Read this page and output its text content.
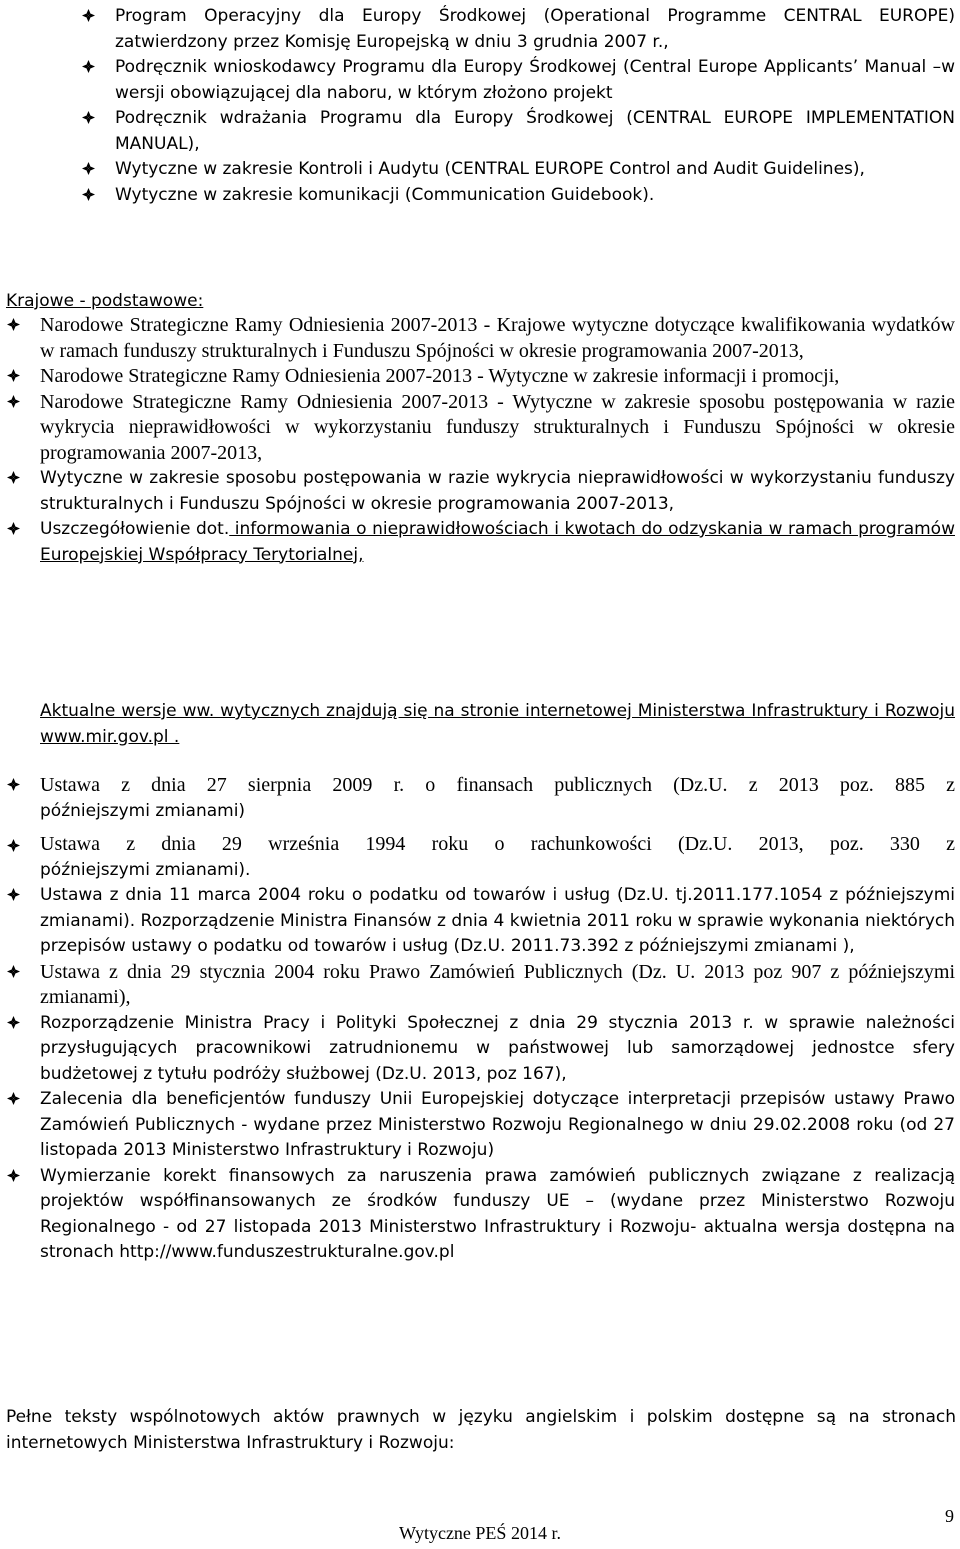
Program Operacyjny dla Europy Środkowej (Operational Programme CENTRAL EUROPE) zatwierdzony przez Komisję Europejską w dniu 3 grudnia 2007 r.,
Podręcznik wnioskodawcy Programu dla Europy Środkowej (Central Europe Applicants’ Manual –w wersji obowiązującej dla naboru, w którym złożono projekt
Podręcznik wdrażania Programu dla Europy Środkowej (CENTRAL EUROPE IMPLEMENTATION MANUAL),
Wytyczne w zakresie Kontroli i Audytu (CENTRAL EUROPE Control and Audit Guidelines),
Wytyczne w zakresie komunikacji (Communication Guidebook).
Krajowe - podstawowe:
Narodowe Strategiczne Ramy Odniesienia 2007-2013 - Krajowe wytyczne dotyczące kwalifikowania wydatków w ramach funduszy strukturalnych i Funduszu Spójności w okresie programowania 2007-2013,
Narodowe Strategiczne Ramy Odniesienia 2007-2013 - Wytyczne w zakresie informacji i promocji,
Narodowe Strategiczne Ramy Odniesienia 2007-2013 - Wytyczne w zakresie sposobu postępowania w razie wykrycia nieprawidłowości w wykorzystaniu funduszy strukturalnych i Funduszu Spójności w okresie programowania 2007-2013,
Wytyczne w zakresie sposobu postępowania w razie wykrycia nieprawidłowości w wykorzystaniu funduszy strukturalnych i Funduszu Spójności w okresie programowania 2007-2013,
Uszczegółowienie dot. informowania o nieprawidłowościach i kwotach do odzyskania w ramach programów Europejskiej Współpracy Terytorialnej,
Aktualne wersje ww. wytycznych znajdują się na stronie internetowej Ministerstwa Infrastruktury i Rozwoju www.mir.gov.pl .
Ustawa z dnia 27 sierpnia 2009 r. o finansach publicznych (Dz.U. z 2013 poz. 885 z
późniejszymi zmianami)
Ustawa z dnia 29 września 1994 roku o rachunkowości (Dz.U. 2013, poz. 330 z
późniejszymi zmianami).
Ustawa z dnia 11 marca 2004 roku o podatku od towarów i usług (Dz.U. tj.2011.177.1054 z późniejszymi zmianami). Rozporządzenie Ministra Finansów z dnia 4 kwietnia 2011 roku w sprawie wykonania niektórych przepisów ustawy o podatku od towarów i usług (Dz.U. 2011.73.392 z późniejszymi zmianami ),
Ustawa z dnia 29 stycznia 2004 roku Prawo Zamówień Publicznych (Dz. U. 2013 poz 907 z późniejszymi zmianami),
Rozporządzenie Ministra Pracy i Polityki Społecznej z dnia 29 stycznia 2013 r. w sprawie należności przysługujących pracownikowi zatrudnionemu w państwowej lub samorządowej jednostce sfery budżetowej z tytułu podróży służbowej (Dz.U. 2013, poz 167),
Zalecenia dla beneficjentów funduszy Unii Europejskiej dotyczące interpretacji przepisów ustawy Prawo Zamówień Publicznych - wydane przez Ministerstwo Rozwoju Regionalnego w dniu 29.02.2008 roku (od 27 listopada 2013 Ministerstwo Infrastruktury i Rozwoju)
Wymierzanie korekt finansowych za naruszenia prawa zamówień publicznych związane z realizacją projektów współfinansowanych ze środków funduszy UE – (wydane przez Ministerstwo Rozwoju Regionalnego - od 27 listopada 2013 Ministerstwo Infrastruktury i Rozwoju- aktualna wersja dostępna na stronach http://www.funduszestrukturalne.gov.pl
Pełne teksty wspólnotowych aktów prawnych w języku angielskim i polskim dostępne są na stronach internetowych Ministerstwa Infrastruktury i Rozwoju:
9
Wytyczne PEŚ 2014 r.
